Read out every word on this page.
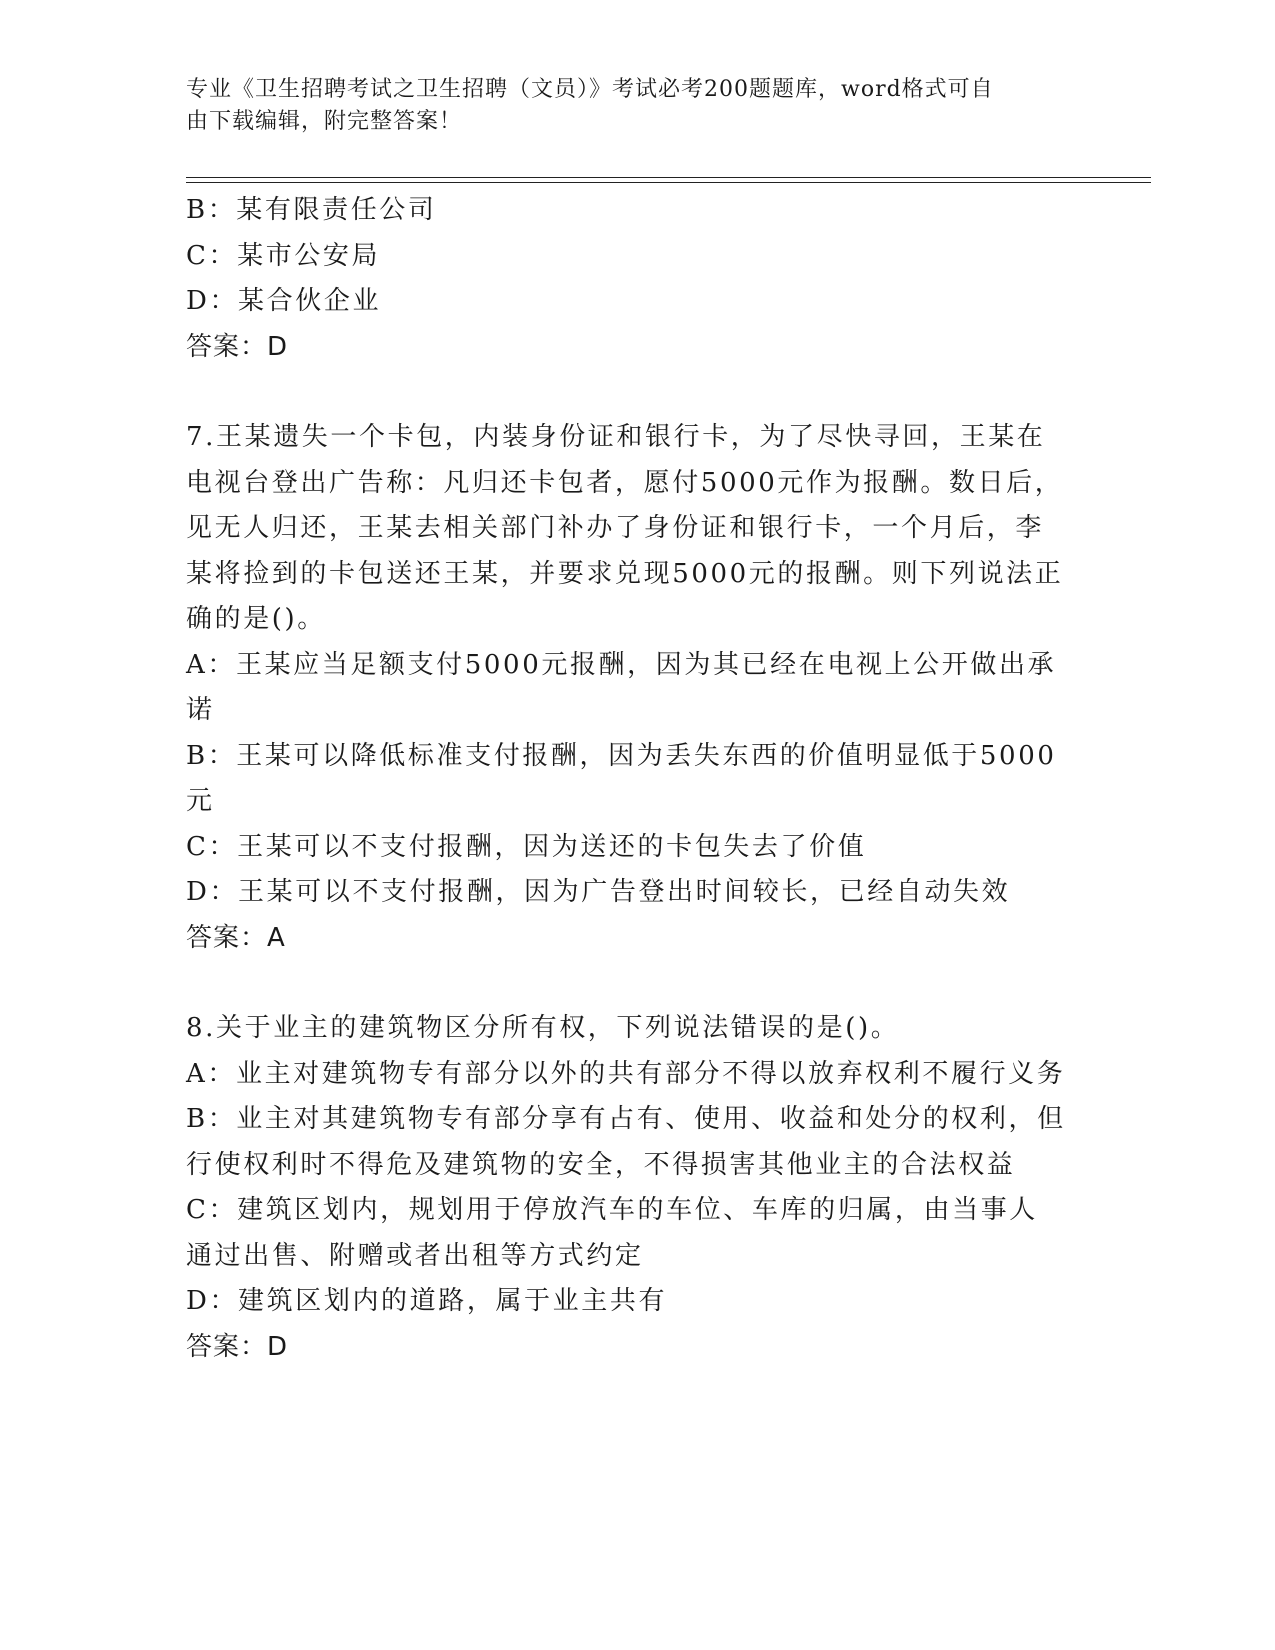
专业《卫生招聘考试之卫生招聘（文员）》考试必考200题题库，word格式可自
由下载编辑，附完整答案！

B：某有限责任公司

C：某市公安局

D：某合伙企业

答案：D

7.王某遗失一个卡包，内装身份证和银行卡，为了尽快寻回，王某在电视台登出广告称：凡归还卡包者，愿付5000元作为报酬。数日后，见无人归还，王某去相关部门补办了身份证和银行卡，一个月后，李某将捡到的卡包送还王某，并要求兑现5000元的报酬。则下列说法正确的是()。

A：王某应当足额支付5000元报酬，因为其已经在电视上公开做出承诺

B：王某可以降低标准支付报酬，因为丢失东西的价值明显低于5000元

C：王某可以不支付报酬，因为送还的卡包失去了价值

D：王某可以不支付报酬，因为广告登出时间较长，已经自动失效

答案：A

8.关于业主的建筑物区分所有权，下列说法错误的是()。

A：业主对建筑物专有部分以外的共有部分不得以放弃权利不履行义务

B：业主对其建筑物专有部分享有占有、使用、收益和处分的权利，但行使权利时不得危及建筑物的安全，不得损害其他业主的合法权益

C：建筑区划内，规划用于停放汽车的车位、车库的归属，由当事人通过出售、附赠或者出租等方式约定

D：建筑区划内的道路，属于业主共有

答案：D
